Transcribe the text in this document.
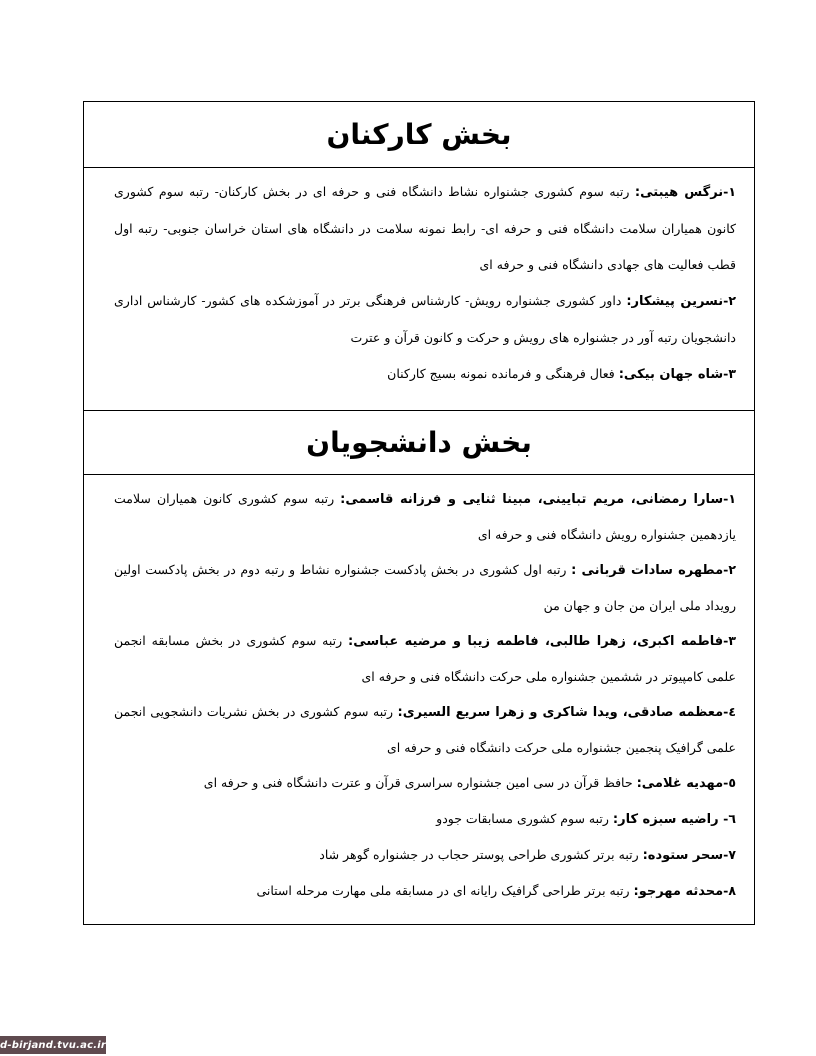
بخش کارکنان
۱-نرگس هیبتی: رتبه سوم کشوری جشنواره نشاط دانشگاه فنی و حرفه ای در بخش کارکنان- رتبه سوم کشوری کانون همیاران سلامت دانشگاه فنی و حرفه ای- رابط نمونه سلامت در دانشگاه های استان خراسان جنوبی- رتبه اول قطب فعالیت های جهادی دانشگاه فنی و حرفه ای
۲-نسرین پیشکار: داور کشوری جشنواره رویش- کارشناس فرهنگی برتر در آموزشکده های کشور- کارشناس اداری دانشجویان رتبه آور در جشنواره های رویش و حرکت و کانون قرآن و عترت
۳-شاه جهان بیکی: فعال فرهنگی و فرمانده نمونه بسیج کارکنان
بخش دانشجویان
۱-سارا رمضانی، مریم تبایینی، مبینا ثنایی و فرزانه قاسمی: رتبه سوم کشوری کانون همیاران سلامت یازدهمین جشنواره رویش دانشگاه فنی و حرفه ای
۲-مطهره سادات قربانی : رتبه اول کشوری در بخش پادکست جشنواره نشاط و رتبه دوم در بخش پادکست اولین رویداد ملی ایران من جان و جهان من
۳-فاطمه اکبری، زهرا طالبی، فاطمه زیبا و مرضیه عباسی: رتبه سوم کشوری در بخش مسابقه انجمن علمی کامپیوتر در ششمین جشنواره ملی حرکت دانشگاه فنی و حرفه ای
٤-معظمه صادقی، ویدا شاکری و زهرا سریع السیری: رتبه سوم کشوری در بخش نشریات دانشجویی انجمن علمی گرافیک پنجمین جشنواره ملی حرکت دانشگاه فنی و حرفه ای
٥-مهدیه غلامی: حافظ قرآن در سی امین جشنواره سراسری قرآن و عترت دانشگاه فنی و حرفه ای
٦- راضیه سبزه کار: رتبه سوم کشوری مسابقات جودو
٧-سحر ستوده: رتبه برتر کشوری طراحی پوستر حجاب در جشنواره گوهر شاد
٨-محدثه مهرجو: رتبه برتر طراحی گرافیک رایانه ای در مسابقه ملی مهارت مرحله استانی
d-birjand.tvu.ac.ir
